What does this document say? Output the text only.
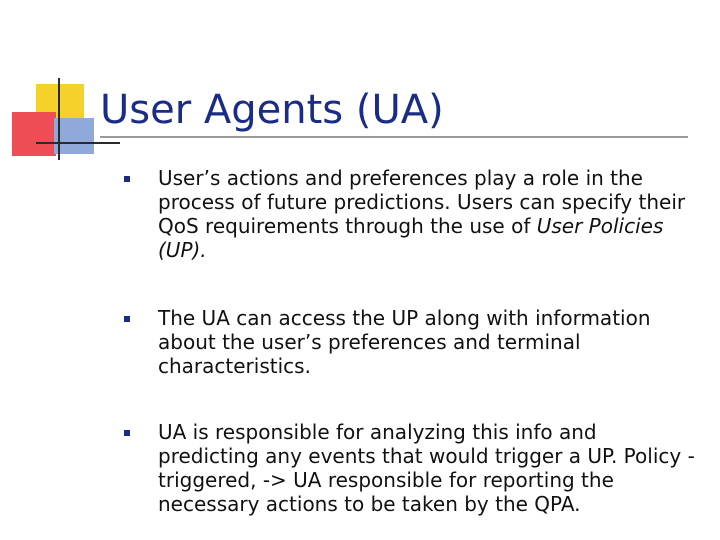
User Agents (UA)
User’s actions and preferences play a role in the process of future predictions. Users can specify their QoS requirements through the use of User Policies (UP).
The UA can access the UP along with information about the user’s preferences and terminal characteristics.
UA is responsible for analyzing this info and predicting any events that would trigger a UP. Policy - triggered, -> UA responsible for reporting the necessary actions to be taken by the QPA.
